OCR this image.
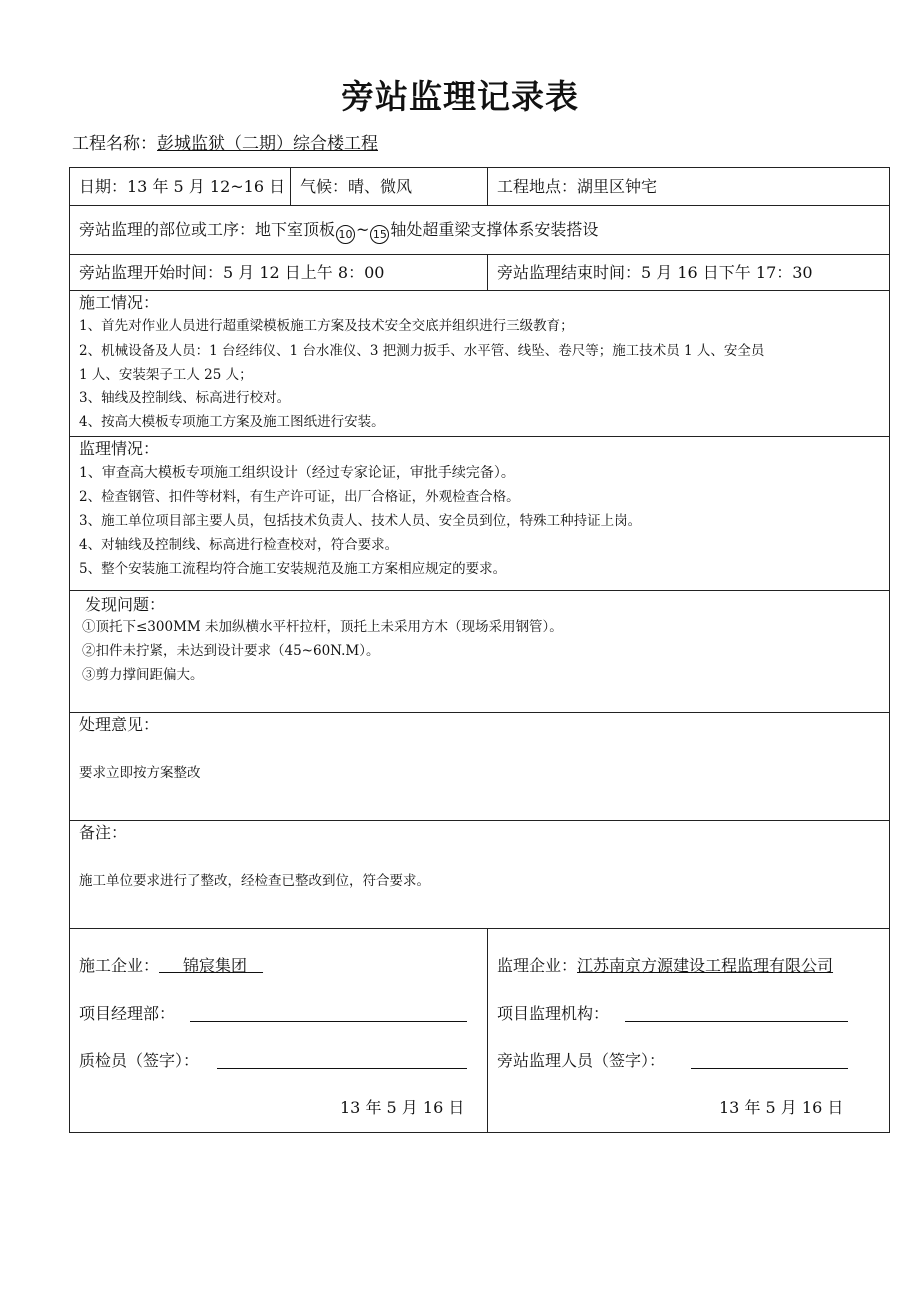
旁站监理记录表
工程名称：彭城监狱（二期）综合楼工程
日期：13 年 5 月 12~16 日 气候：晴、微风	工程地点：湖里区钟宅
旁站监理的部位或工序：地下室顶板 10 ~ 15 轴处超重梁支撑体系安装搭设
旁站监理开始时间：5 月 12 日上午 8：00	旁站监理结束时间：5 月 16 日下午 17：30
施工情况：
1、首先对作业人员进行超重梁模板施工方案及技术安全交底并组织进行三级教育；
2、机械设备及人员：1 台经纬仪、1 台水准仪、3 把测力扳手、水平管、线坠、卷尺等；施工技术员 1 人、安全员
1 人、安装架子工人 25 人；
3、轴线及控制线、标高进行校对。
4、按高大模板专项施工方案及施工图纸进行安装。
监理情况：
1、审查高大模板专项施工组织设计（经过专家论证，审批手续完备）。
2、检查钢管、扣件等材料，有生产许可证，出厂合格证，外观检查合格。
3、施工单位项目部主要人员，包括技术负责人、技术人员、安全员到位，特殊工种持证上岗。
4、对轴线及控制线、标高进行检查校对，符合要求。
5、整个安装施工流程均符合施工安装规范及施工方案相应规定的要求。
发现问题：
①顶托下≤300MM 未加纵横水平杆拉杆，顶托上未采用方木（现场采用钢管）。
②扣件未拧紧，未达到设计要求（45~60N.M）。
③剪力撑间距偏大。
处理意见：
要求立即按方案整改
备注：
施工单位要求进行了整改，经检查已整改到位，符合要求。
施工企业：   锦宸集团 
项目经理部：
质检员（签字）：
13 年 5 月 16 日
监理企业：江苏南京方源建设工程监理有限公司
项目监理机构：
旁站监理人员（签字）：
13 年 5 月 16 日
